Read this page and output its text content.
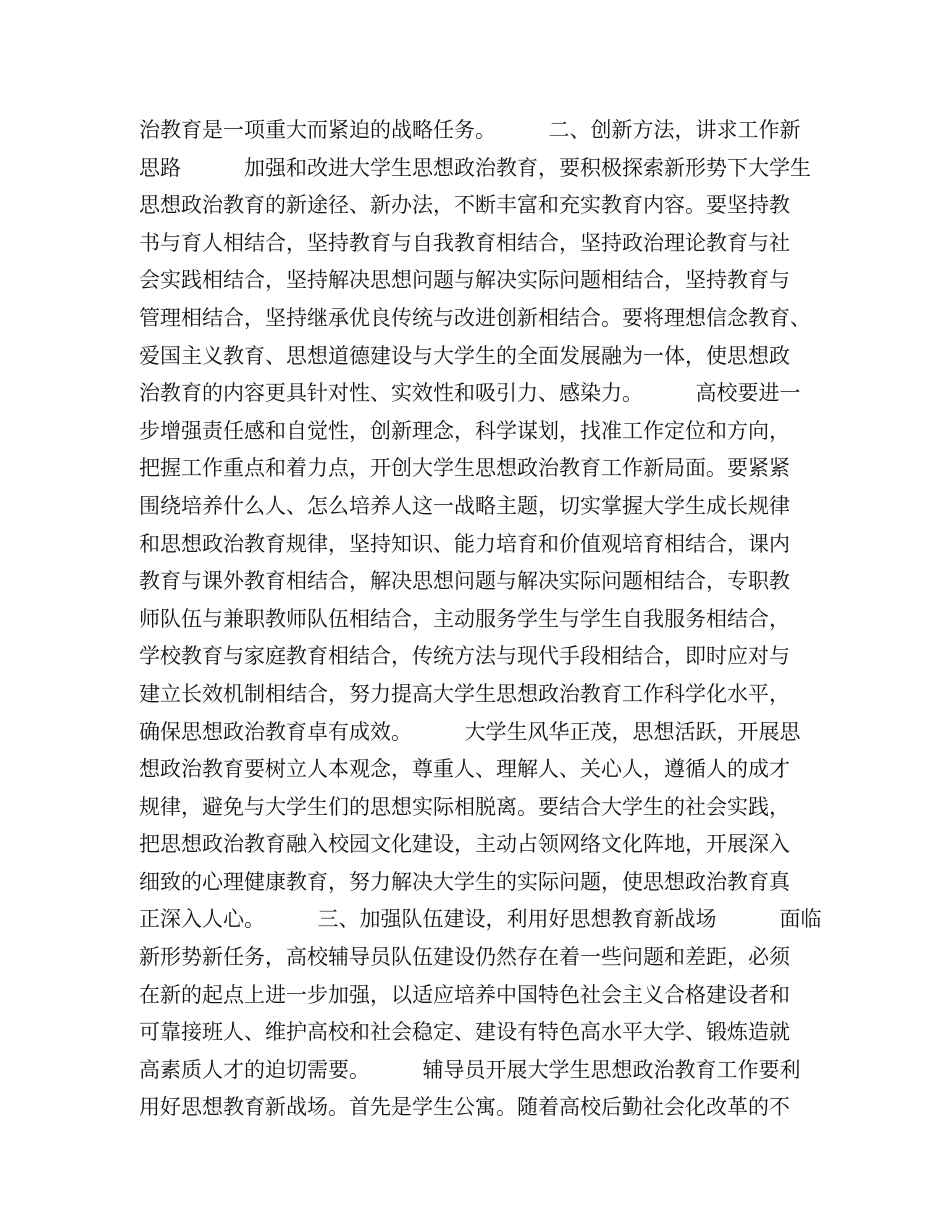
治教育是一项重大而紧迫的战略任务。　　　二、创新方法，讲求工作新
思路　　　加强和改进大学生思想政治教育，要积极探索新形势下大学生
思想政治教育的新途径、新办法，不断丰富和充实教育内容。要坚持教
书与育人相结合，坚持教育与自我教育相结合，坚持政治理论教育与社
会实践相结合，坚持解决思想问题与解决实际问题相结合，坚持教育与
管理相结合，坚持继承优良传统与改进创新相结合。要将理想信念教育、
爱国主义教育、思想道德建设与大学生的全面发展融为一体，使思想政
治教育的内容更具针对性、实效性和吸引力、感染力。　　　高校要进一
步增强责任感和自觉性，创新理念，科学谋划，找准工作定位和方向，
把握工作重点和着力点，开创大学生思想政治教育工作新局面。要紧紧
围绕培养什么人、怎么培养人这一战略主题，切实掌握大学生成长规律
和思想政治教育规律，坚持知识、能力培育和价值观培育相结合，课内
教育与课外教育相结合，解决思想问题与解决实际问题相结合，专职教
师队伍与兼职教师队伍相结合，主动服务学生与学生自我服务相结合，
学校教育与家庭教育相结合，传统方法与现代手段相结合，即时应对与
建立长效机制相结合，努力提高大学生思想政治教育工作科学化水平，
确保思想政治教育卓有成效。　　　大学生风华正茂，思想活跃，开展思
想政治教育要树立人本观念，尊重人、理解人、关心人，遵循人的成才
规律，避免与大学生们的思想实际相脱离。要结合大学生的社会实践，
把思想政治教育融入校园文化建设，主动占领网络文化阵地，开展深入
细致的心理健康教育，努力解决大学生的实际问题，使思想政治教育真
正深入人心。　　　三、加强队伍建设，利用好思想教育新战场　　　面临
新形势新任务，高校辅导员队伍建设仍然存在着一些问题和差距，必须
在新的起点上进一步加强，以适应培养中国特色社会主义合格建设者和
可靠接班人、维护高校和社会稳定、建设有特色高水平大学、锻炼造就
高素质人才的迫切需要。　　　辅导员开展大学生思想政治教育工作要利
用好思想教育新战场。首先是学生公寓。随着高校后勤社会化改革的不
